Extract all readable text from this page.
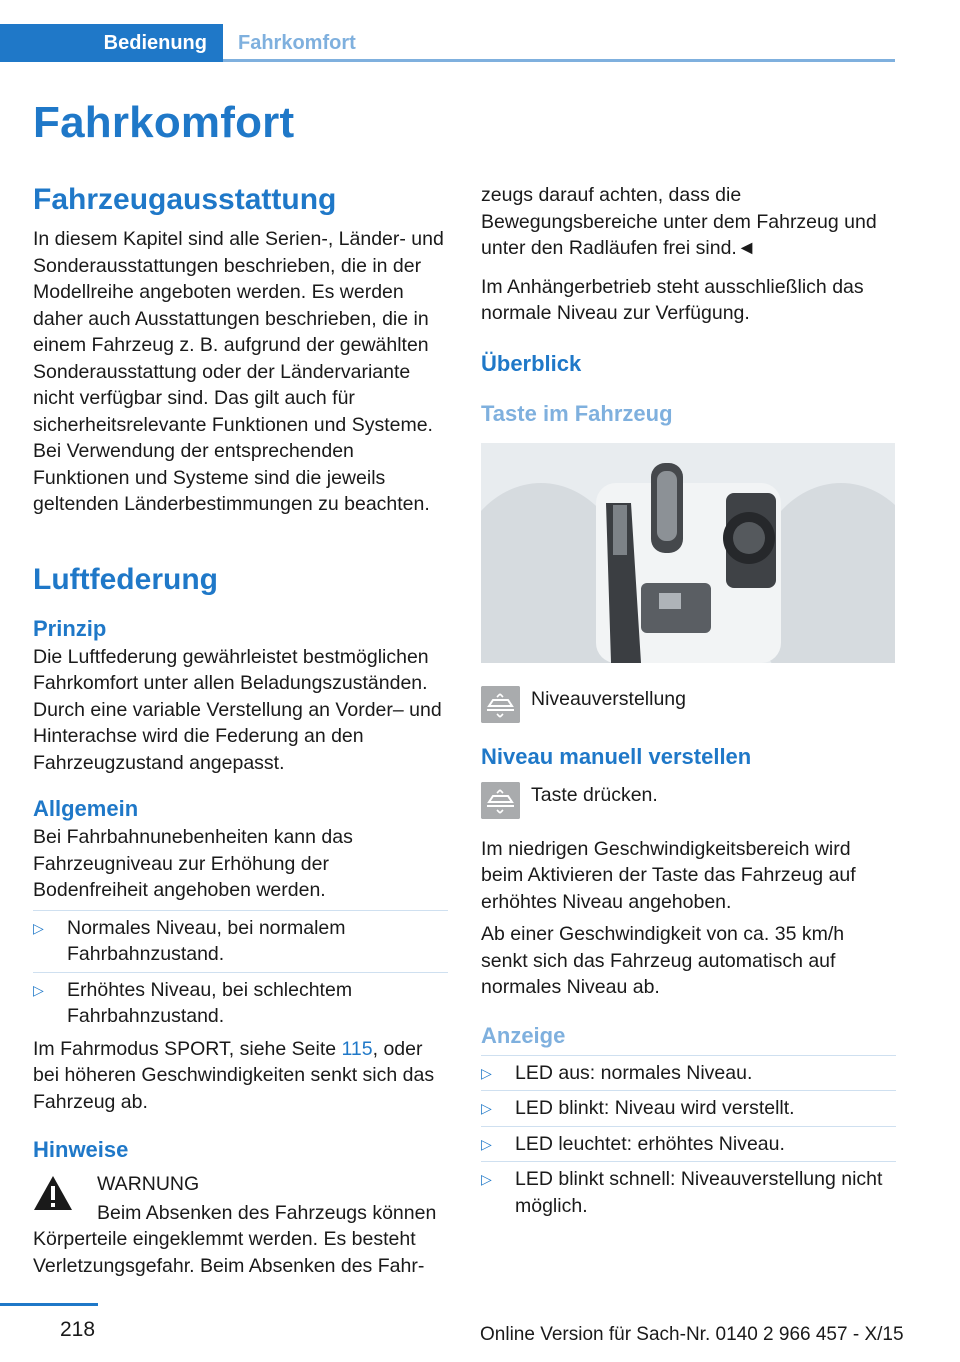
Bedienung	Fahrkomfort
Fahrkomfort
Fahrzeugausstattung

In diesem Kapitel sind alle Serien-, Länder- und Sonderausstattungen beschrieben, die in der Modellreihe angeboten werden. Es werden daher auch Ausstattungen beschrieben, die in einem Fahrzeug z. B. aufgrund der gewählten Sonderausstattung oder der Ländervariante nicht verfügbar sind. Das gilt auch für sicherheitsrelevante Funktionen und Systeme. Bei Verwendung der entsprechenden Funktionen und Systeme sind die jeweils geltenden Länderbestimmungen zu beachten.

Luftfederung
Prinzip

Die Luftfederung gewährleistet bestmöglichen Fahrkomfort unter allen Beladungszuständen. Durch eine variable Verstellung an Vorder– und Hinterachse wird die Federung an den Fahrzeugzustand angepasst.

Allgemein

Bei Fahrbahnunebenheiten kann das Fahrzeugniveau zur Erhöhung der Bodenfreiheit angehoben werden.

▷ Normales Niveau, bei normalem Fahrbahnzustand.
▷ Erhöhtes Niveau, bei schlechtem Fahrbahnzustand.

Im Fahrmodus SPORT, siehe Seite 115, oder bei höheren Geschwindigkeiten senkt sich das Fahrzeug ab.

Hinweise

WARNUNG

Beim Absenken des Fahrzeugs können

Körperteile eingeklemmt werden. Es besteht Verletzungsgefahr. Beim Absenken des Fahr-

zeugs darauf achten, dass die Bewegungsbereiche unter dem Fahrzeug und unter den Radläufen frei sind.◄

Im Anhängerbetrieb steht ausschließlich das normale Niveau zur Verfügung.

Überblick
Taste im Fahrzeug

Niveauverstellung

Niveau manuell verstellen

Taste drücken.

Im niedrigen Geschwindigkeitsbereich wird beim Aktivieren der Taste das Fahrzeug auf erhöhtes Niveau angehoben.

Ab einer Geschwindigkeit von ca. 35 km/h senkt sich das Fahrzeug automatisch auf normales Niveau ab.

Anzeige
▷ LED aus: normales Niveau.
▷ LED blinkt: Niveau wird verstellt.
▷ LED leuchtet: erhöhtes Niveau.
▷ LED blinkt schnell: Niveauverstellung nicht möglich.
218	Online Version für Sach-Nr. 0140 2 966 457 - X/15
